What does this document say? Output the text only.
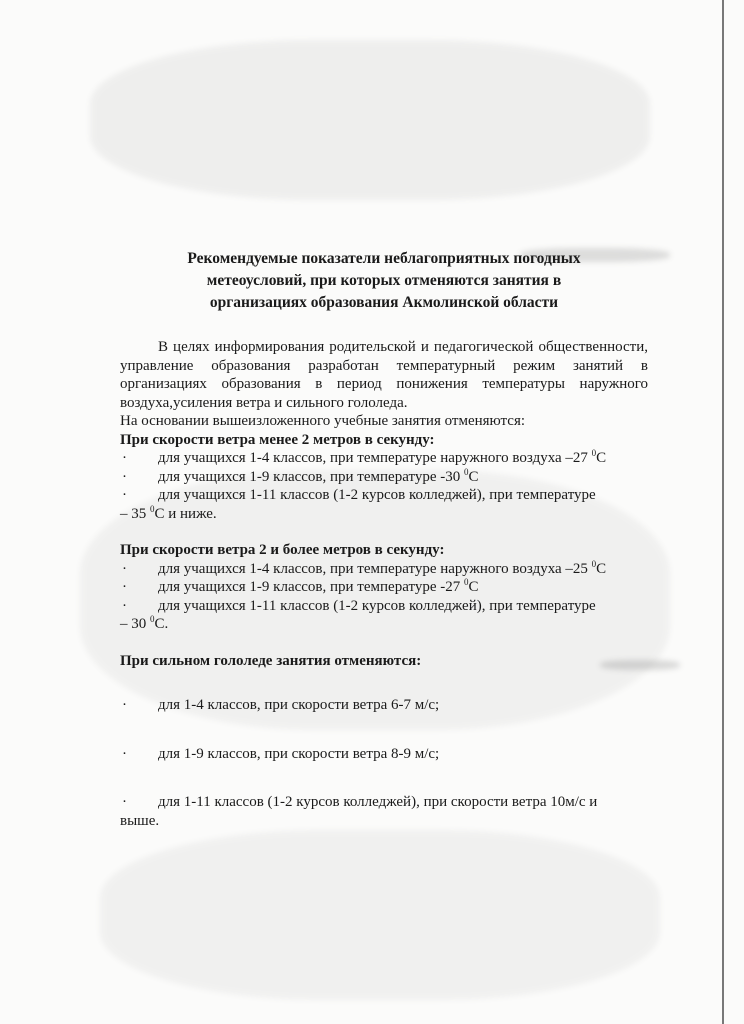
Рекомендуемые показатели неблагоприятных погодных
метеоусловий, при которых отменяются занятия в
организациях образования Акмолинской области
В целях информирования родительской и педагогической общественности, управление образования разработан температурный режим занятий в организациях образования в период понижения температуры наружного воздуха,усиления ветра и сильного гололеда.
На основании вышеизложенного учебные занятия отменяются:
При скорости ветра менее 2 метров в секунду:
· для учащихся 1-4 классов, при температуре наружного воздуха –27 $^0$С
· для учащихся 1-9 классов, при температуре -30 $^0$С
· для учащихся 1-11 классов (1-2 курсов колледжей), при температуре
– 35 $^0$С и ниже.
При скорости ветра 2 и более метров в секунду:
· для учащихся 1-4 классов, при температуре наружного воздуха –25 $^0$С
· для учащихся 1-9 классов, при температуре -27 $^0$С
· для учащихся 1-11 классов (1-2 курсов колледжей), при температуре
– 30 $^0$С.
При сильном гололеде занятия отменяются:
· для 1-4 классов, при скорости ветра 6-7 м/с;
· для 1-9 классов, при скорости ветра 8-9 м/с;
· для 1-11 классов (1-2 курсов колледжей), при скорости ветра 10м/с и
выше.
